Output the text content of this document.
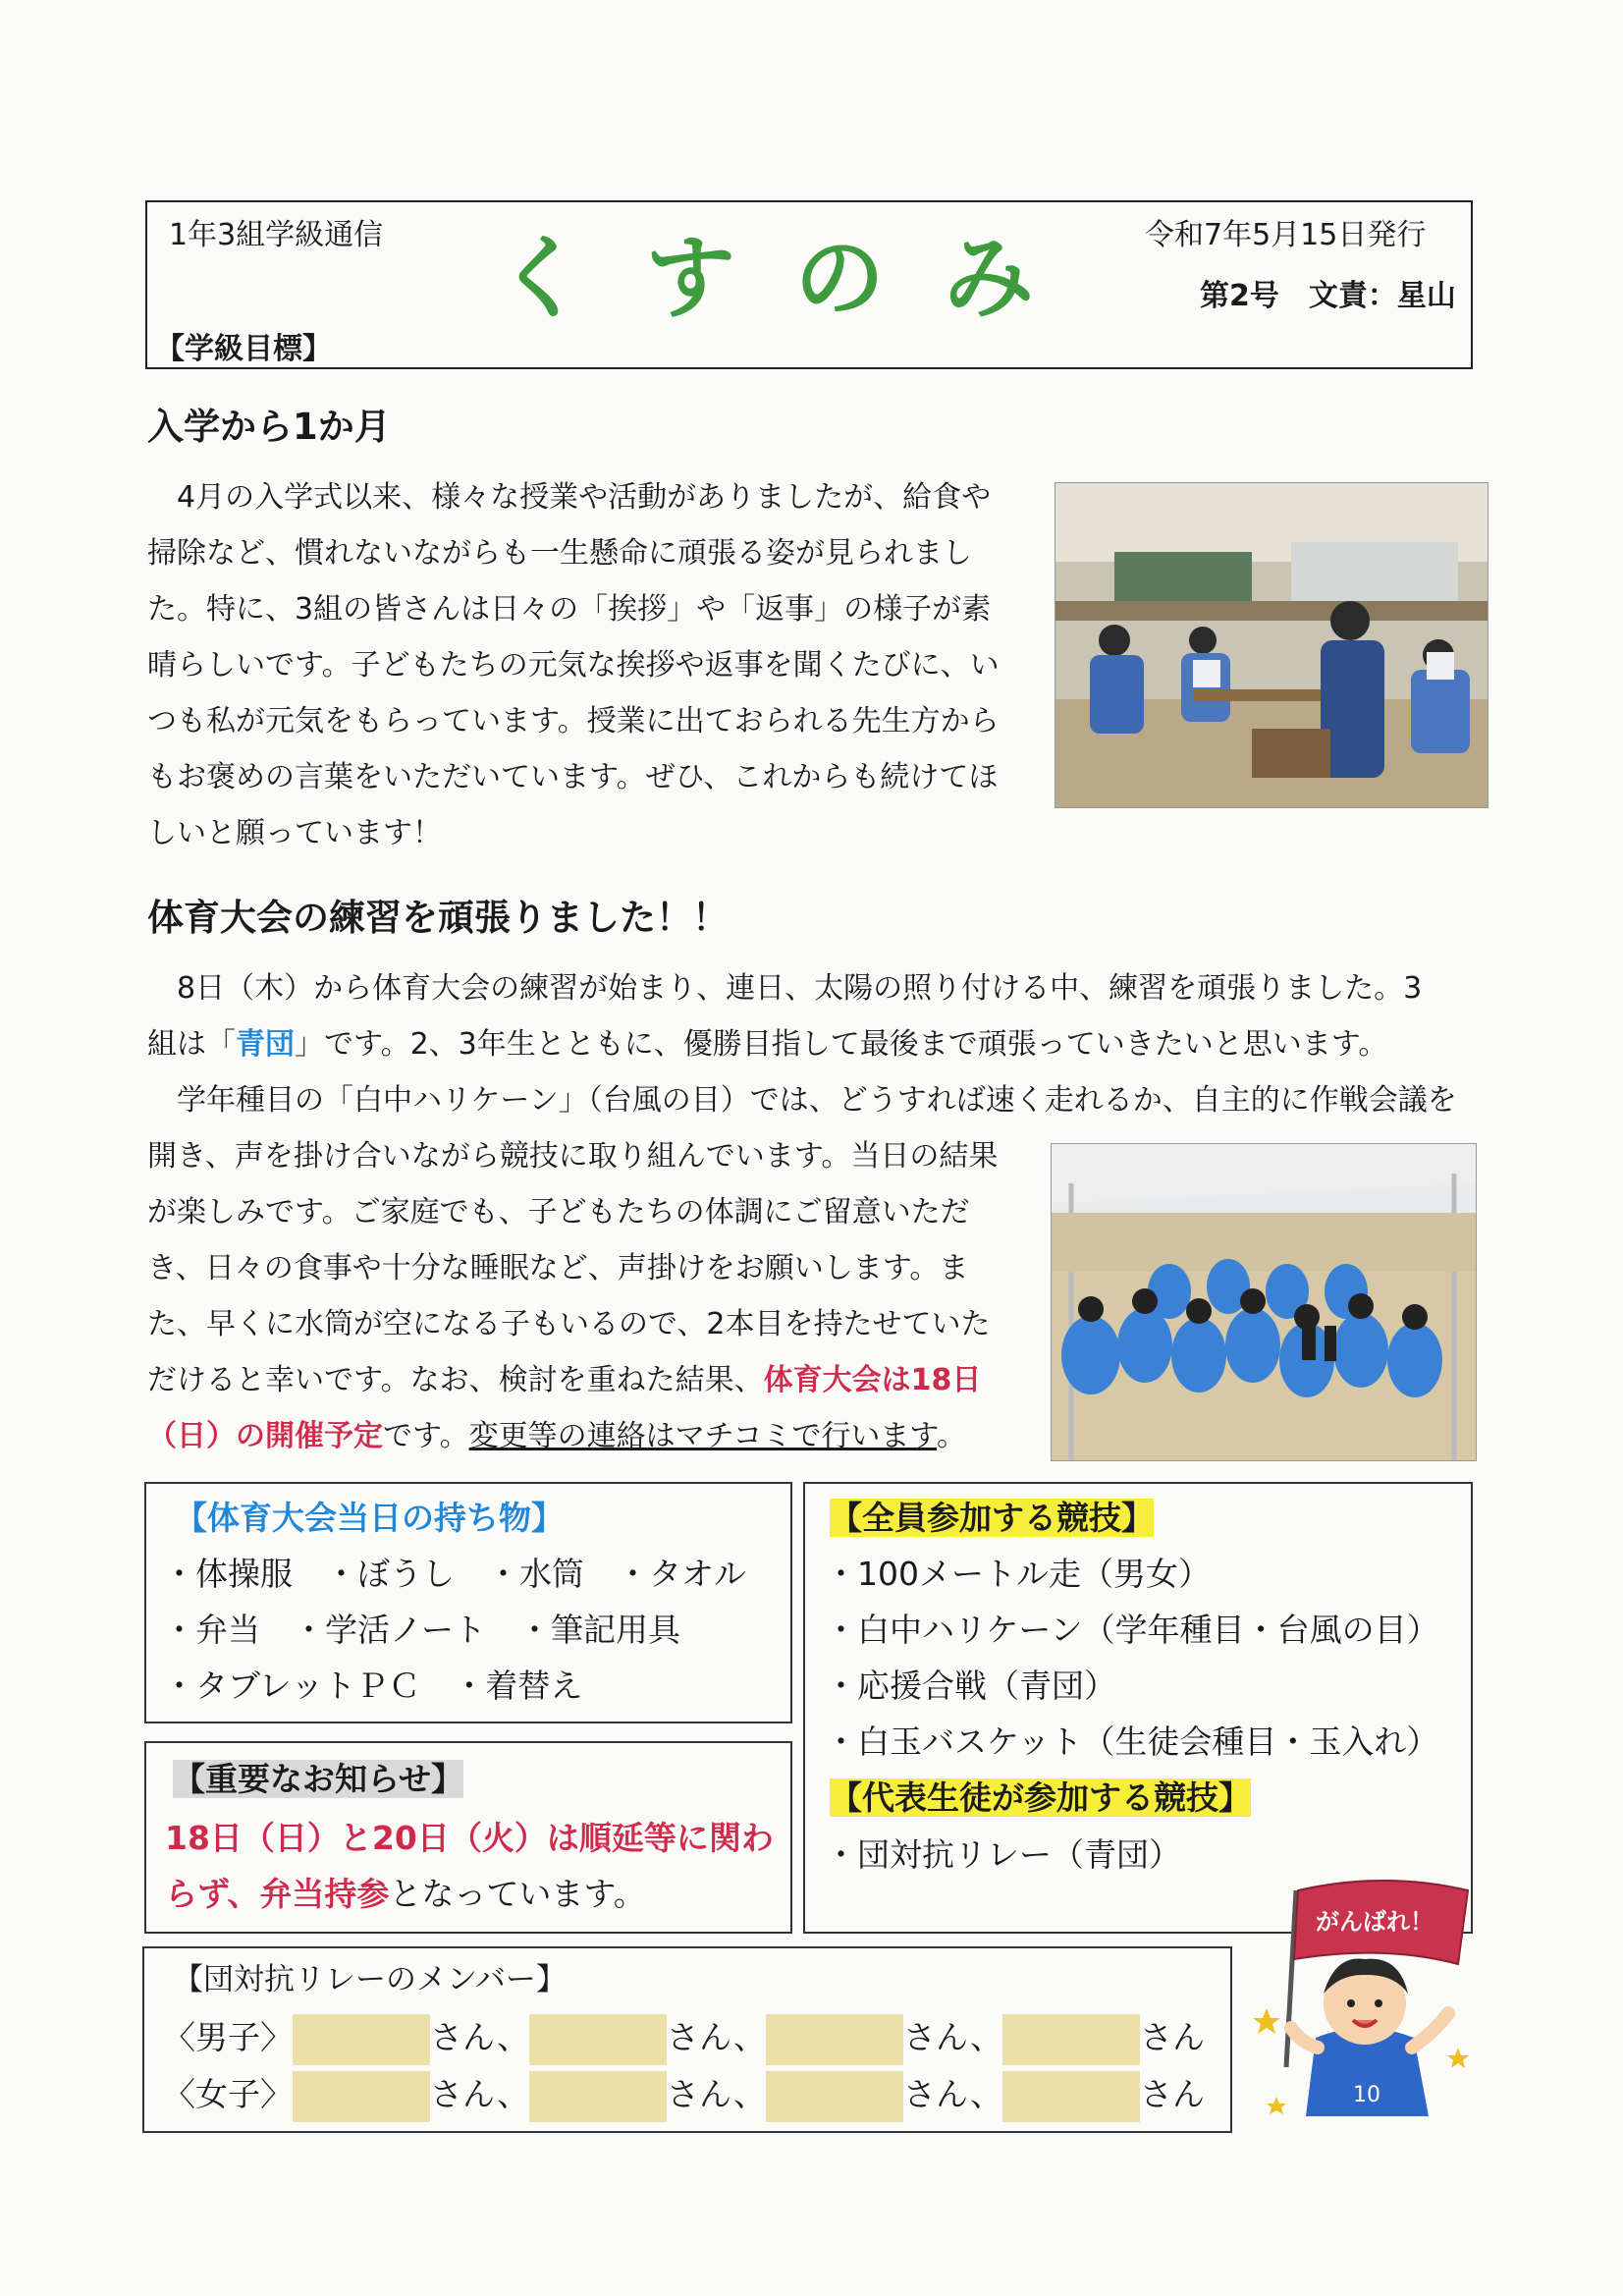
1年3組学級通信 くすのみ 令和7年5月15日発行
第2号　文責：星山
【学級目標】
入学から1か月
　4月の入学式以来、様々な授業や活動がありましたが、給食や
掃除など、慣れないながらも一生懸命に頑張る姿が見られまし
た。特に、3組の皆さんは日々の「挨拶」や「返事」の様子が素
晴らしいです。子どもたちの元気な挨拶や返事を聞くたびに、い
つも私が元気をもらっています。授業に出ておられる先生方から
もお褒めの言葉をいただいています。ぜひ、これからも続けてほ
しいと願っています！
体育大会の練習を頑張りました！！
　8日（木）から体育大会の練習が始まり、連日、太陽の照り付ける中、練習を頑張りました。3
組は「青団」です。2、3年生とともに、優勝目指して最後まで頑張っていきたいと思います。
　学年種目の「白中ハリケーン」（台風の目）では、どうすれば速く走れるか、自主的に作戦会議を
開き、声を掛け合いながら競技に取り組んでいます。当日の結果
が楽しみです。ご家庭でも、子どもたちの体調にご留意いただ
き、日々の食事や十分な睡眠など、声掛けをお願いします。ま
た、早くに水筒が空になる子もいるので、2本目を持たせていた
だけると幸いです。なお、検討を重ねた結果、体育大会は18日
（日）の開催予定です。変更等の連絡はマチコミで行います。
【体育大会当日の持ち物】
・体操服　・ぼうし　・水筒　・タオル
・弁当　・学活ノート　・筆記用具
・タブレットＰＣ　・着替え
【重要なお知らせ】
18日（日）と20日（火）は順延等に関わ
らず、弁当持参となっています。
【全員参加する競技】
・100メートル走（男女）
・白中ハリケーン（学年種目・台風の目）
・応援合戦（青団）
・白玉バスケット（生徒会種目・玉入れ）
【代表生徒が参加する競技】
・団対抗リレー（青団）
【団対抗リレーのメンバー】
〈男子〉	さん、	さん、	さん、	さん
〈女子〉	さん、	さん、	さん、	さん
がんばれ！
10
